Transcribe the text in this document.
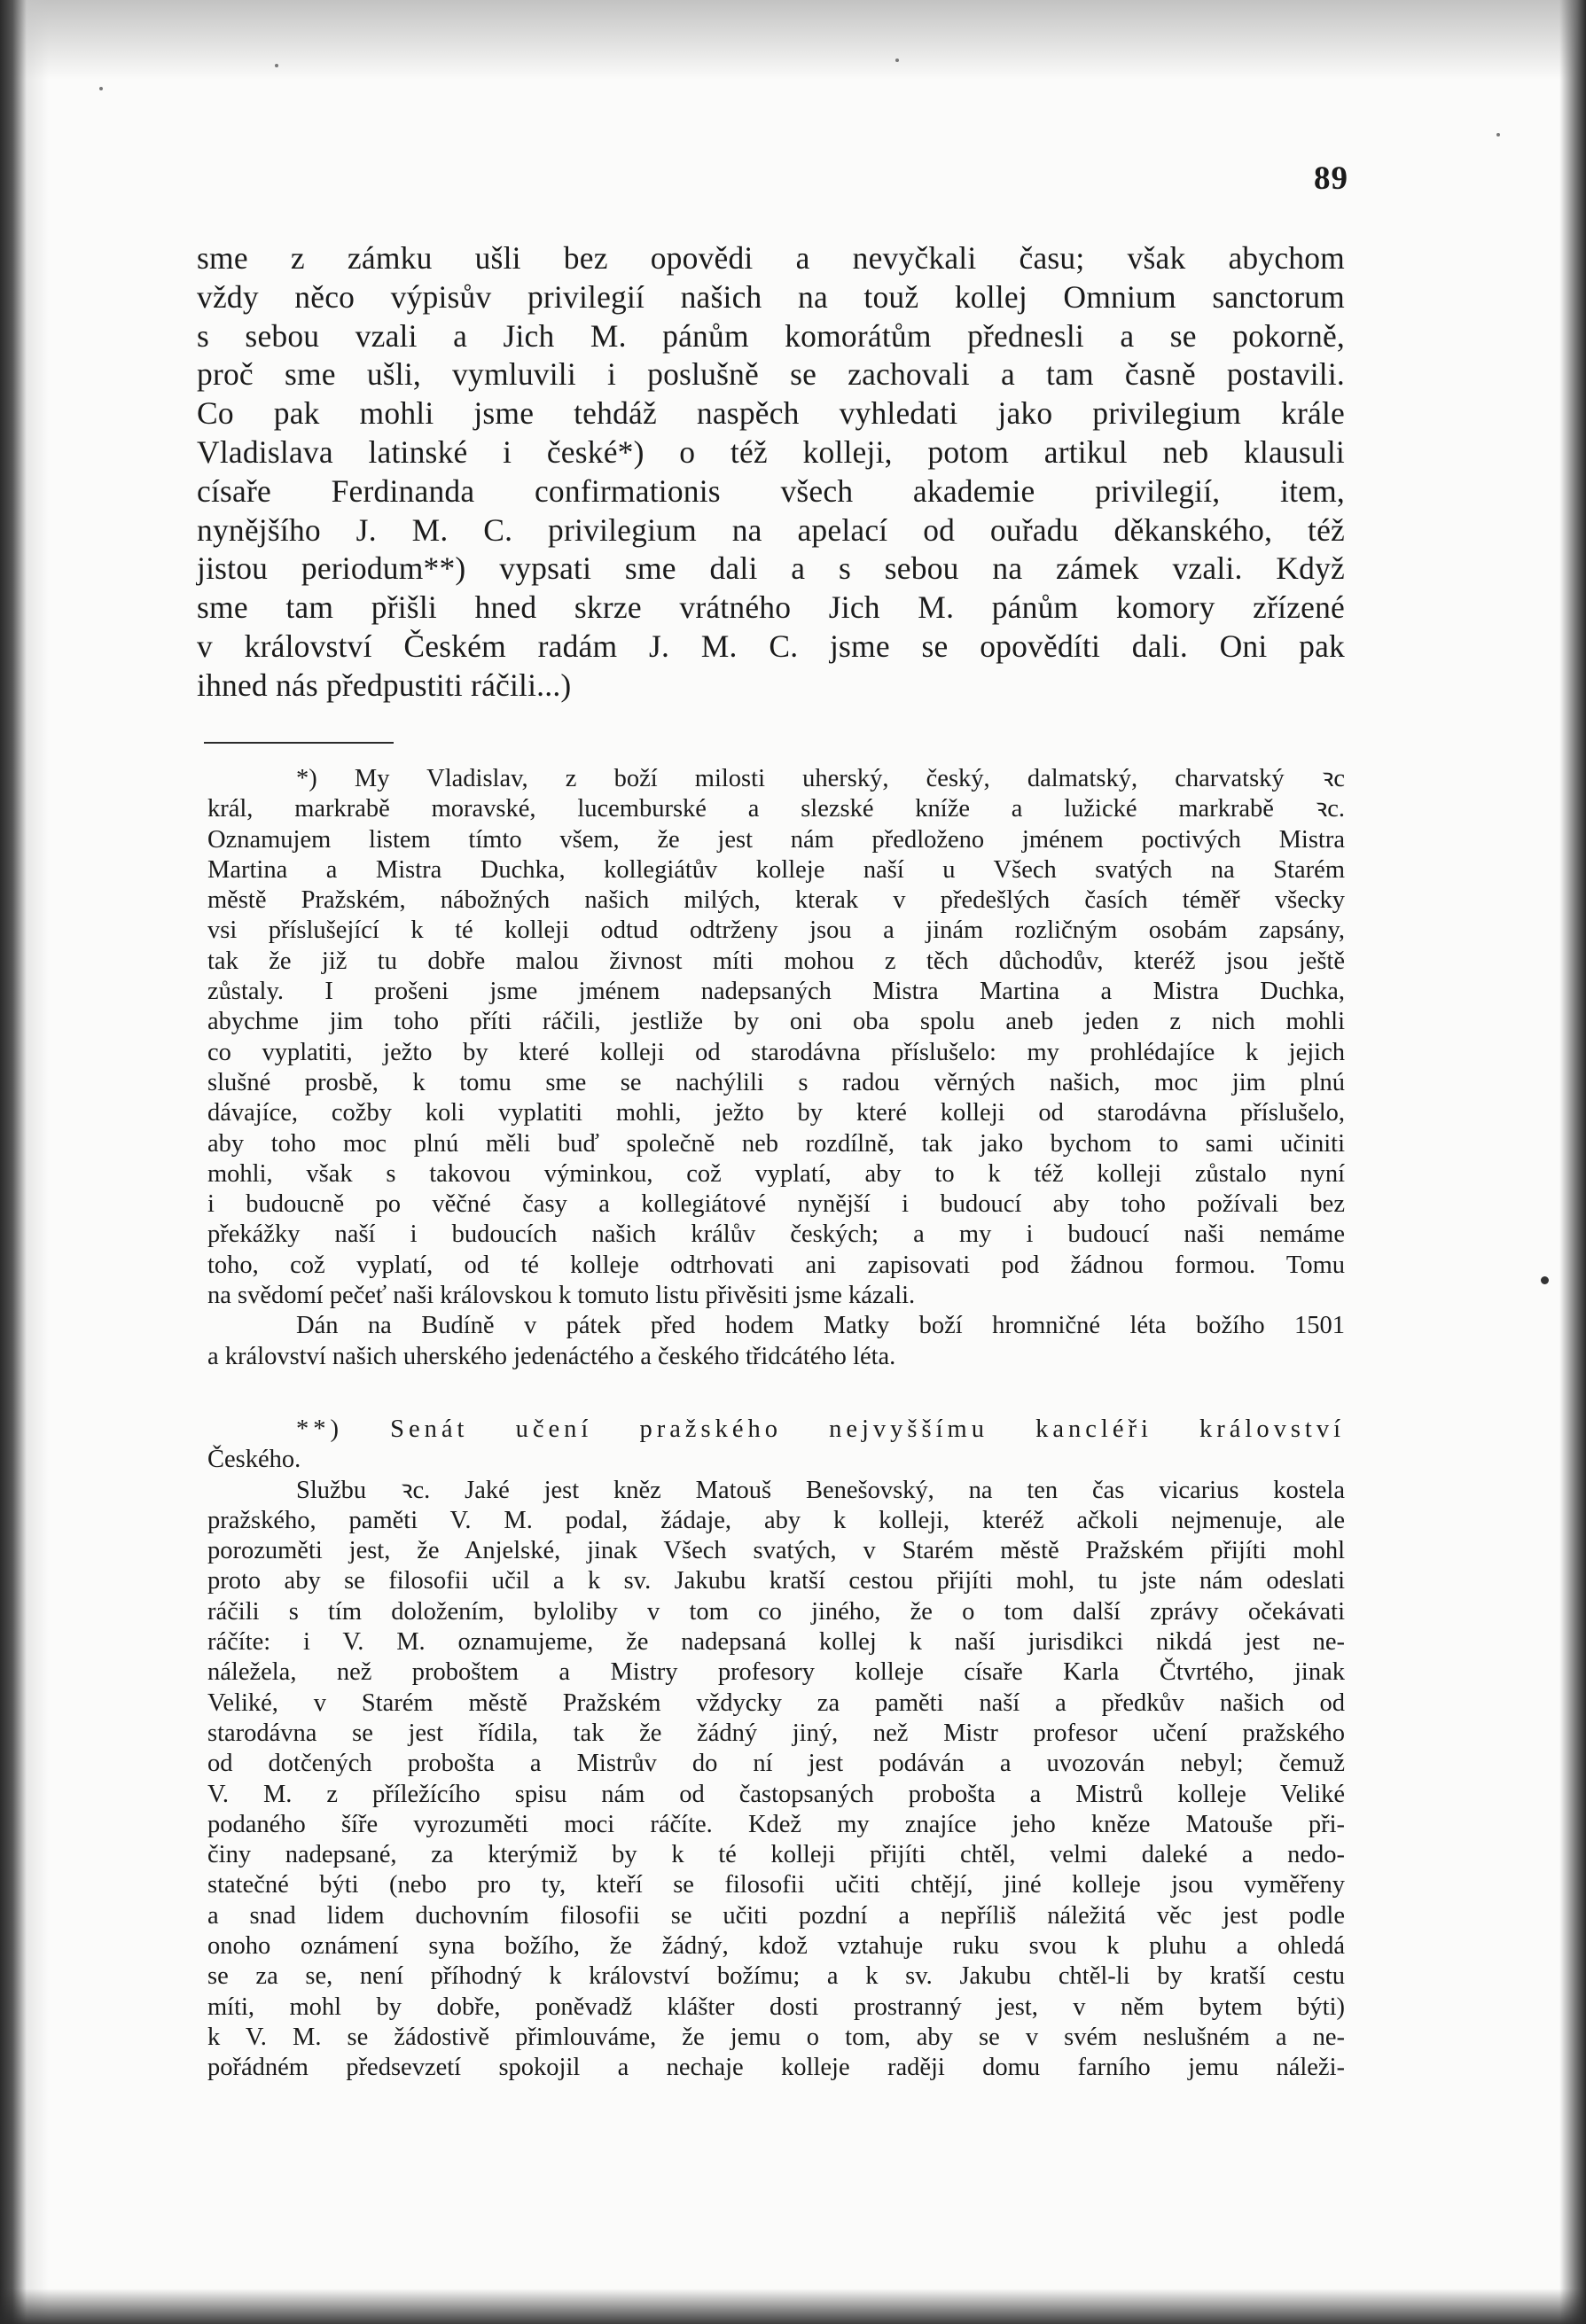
89
sme z zámku ušli bez opovědi a nevyčkali času; však abychom
vždy něco výpisův privilegií našich na touž kollej Omnium sanctorum
s sebou vzali a Jich M. pánům komorátům přednesli a se pokorně,
proč sme ušli, vymluvili i poslušně se zachovali a tam časně postavili.
Co pak mohli jsme tehdáž naspěch vyhledati jako privilegium krále
Vladislava latinské i české*) o též kolleji, potom artikul neb klausuli
císaře Ferdinanda confirmationis všech akademie privilegií, item,
nynějšího J. M. C. privilegium na apelací od ouřadu děkanského, též
jistou periodum**) vypsati sme dali a s sebou na zámek vzali. Když
sme tam přišli hned skrze vrátného Jich M. pánům komory zřízené
v království Českém radám J. M. C. jsme se opovědíti dali. Oni pak
ihned nás předpustiti ráčili...)
*) My Vladislav, z boží milosti uherský, český, dalmatský, charvatský ꝛc
král, markrabě moravské, lucemburské a slezské kníže a lužické markrabě ꝛc.
Oznamujem listem tímto všem, že jest nám předloženo jménem poctivých Mistra
Martina a Mistra Duchka, kollegiátův kolleje naší u Všech svatých na Starém
městě Pražském, nábožných našich milých, kterak v předešlých časích téměř všecky
vsi příslušející k té kolleji odtud odtrženy jsou a jinám rozličným osobám zapsány,
tak že již tu dobře malou živnost míti mohou z těch důchodův, kteréž jsou ještě
zůstaly. I prošeni jsme jménem nadepsaných Mistra Martina a Mistra Duchka,
abychme jim toho příti ráčili, jestliže by oni oba spolu aneb jeden z nich mohli
co vyplatiti, ježto by které kolleji od starodávna příslušelo: my prohlédajíce k jejich
slušné prosbě, k tomu sme se nachýlili s radou věrných našich, moc jim plnú
dávajíce, cožby koli vyplatiti mohli, ježto by které kolleji od starodávna příslušelo,
aby toho moc plnú měli buď společně neb rozdílně, tak jako bychom to sami učiniti
mohli, však s takovou výminkou, což vyplatí, aby to k též kolleji zůstalo nyní
i budoucně po věčné časy a kollegiátové nynější i budoucí aby toho požívali bez
překážky naší i budoucích našich králův českých; a my i budoucí naši nemáme
toho, což vyplatí, od té kolleje odtrhovati ani zapisovati pod žádnou formou. Tomu
na svědomí pečeť naši královskou k tomuto listu přivěsiti jsme kázali.
Dán na Budíně v pátek před hodem Matky boží hromničné léta božího 1501
a království našich uherského jedenáctého a českého třidcátého léta.
**) Senát učení pražského nejvyššímu kancléři království
Českého.
Službu ꝛc. Jaké jest kněz Matouš Benešovský, na ten čas vicarius kostela
pražského, paměti V. M. podal, žádaje, aby k kolleji, kteréž ačkoli nejmenuje, ale
porozuměti jest, že Anjelské, jinak Všech svatých, v Starém městě Pražském přijíti mohl
proto aby se filosofii učil a k sv. Jakubu kratší cestou přijíti mohl, tu jste nám odeslati
ráčili s tím doložením, byloliby v tom co jiného, že o tom další zprávy očekávati
ráčíte: i V. M. oznamujeme, že nadepsaná kollej k naší jurisdikci nikdá jest ne-
náležela, než proboštem a Mistry profesory kolleje císaře Karla Čtvrtého, jinak
Veliké, v Starém městě Pražském vždycky za paměti naší a předkův našich od
starodávna se jest řídila, tak že žádný jiný, než Mistr profesor učení pražského
od dotčených probošta a Mistrův do ní jest podáván a uvozován nebyl; čemuž
V. M. z příležícího spisu nám od častopsaných probošta a Mistrů kolleje Veliké
podaného šíře vyrozuměti moci ráčíte. Kdež my znajíce jeho kněze Matouše při-
činy nadepsané, za kterýmiž by k té kolleji přijíti chtěl, velmi daleké a nedo-
statečné býti (nebo pro ty, kteří se filosofii učiti chtějí, jiné kolleje jsou vyměřeny
a snad lidem duchovním filosofii se učiti pozdní a nepříliš náležitá věc jest podle
onoho oznámení syna božího, že žádný, kdož vztahuje ruku svou k pluhu a ohledá
se za se, není příhodný k království božímu; a k sv. Jakubu chtěl-li by kratší cestu
míti, mohl by dobře, poněvadž klášter dosti prostranný jest, v něm bytem býti)
k V. M. se žádostivě přimlouváme, že jemu o tom, aby se v svém neslušném a ne-
pořádném předsevzetí spokojil a nechaje kolleje raději domu farního jemu náleži-
